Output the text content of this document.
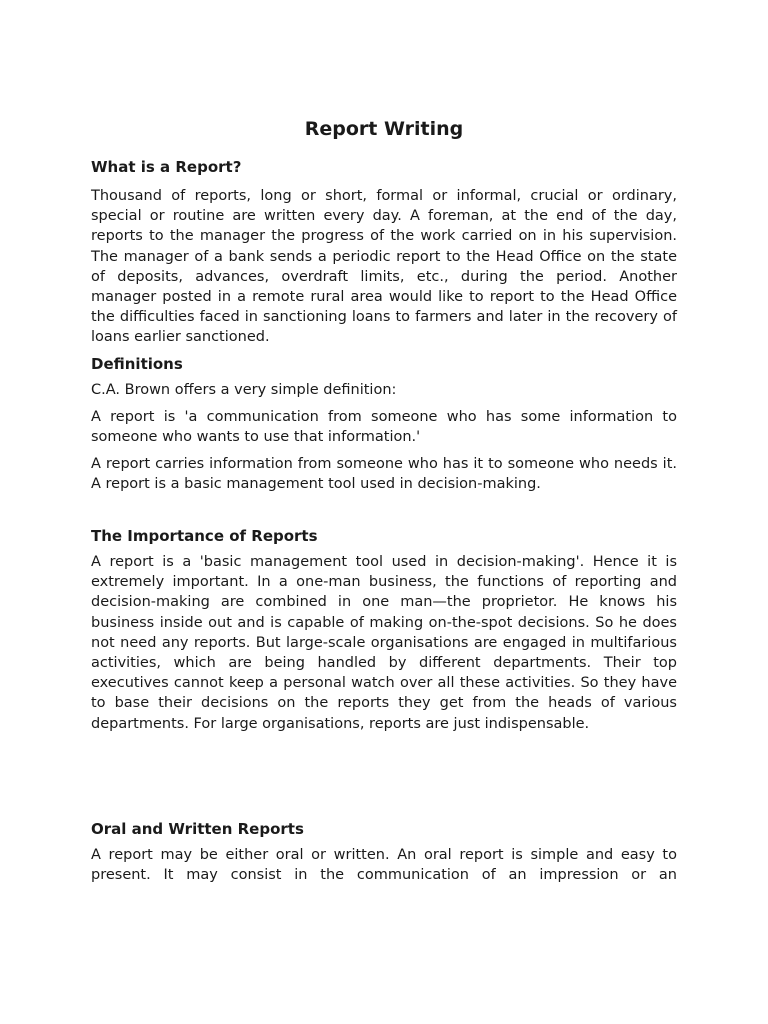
Report Writing
What is a Report?

Thousand of reports, long or short, formal or informal, crucial or ordinary, special or routine are written every day. A foreman, at the end of the day, reports to the manager the progress of the work carried on in his supervision. The manager of a bank sends a periodic report to the Head Office on the state of deposits, advances, overdraft limits, etc., during the period. Another manager posted in a remote rural area would like to report to the Head Office the difficulties faced in sanctioning loans to farmers and later in the recovery of loans earlier sanctioned.

Definitions

C.A. Brown offers a very simple definition:

A report is 'a communication from someone who has some information to someone who wants to use that information.'

A report carries information from someone who has it to someone who needs it. A report is a basic management tool used in decision-making.

The Importance of Reports

A report is a 'basic management tool used in decision-making'. Hence it is extremely important. In a one-man business, the functions of reporting and decision-making are combined in one man—the proprietor. He knows his business inside out and is capable of making on-the-spot decisions. So he does not need any reports. But large-scale organisations are engaged in multifarious activities, which are being handled by different departments. Their top executives cannot keep a personal watch over all these activities. So they have to base their decisions on the reports they get from the heads of various departments. For large organisations, reports are just indispensable.

Oral and Written Reports

A report may be either oral or written. An oral report is simple and easy to present. It may consist in the communication of an impression or an
